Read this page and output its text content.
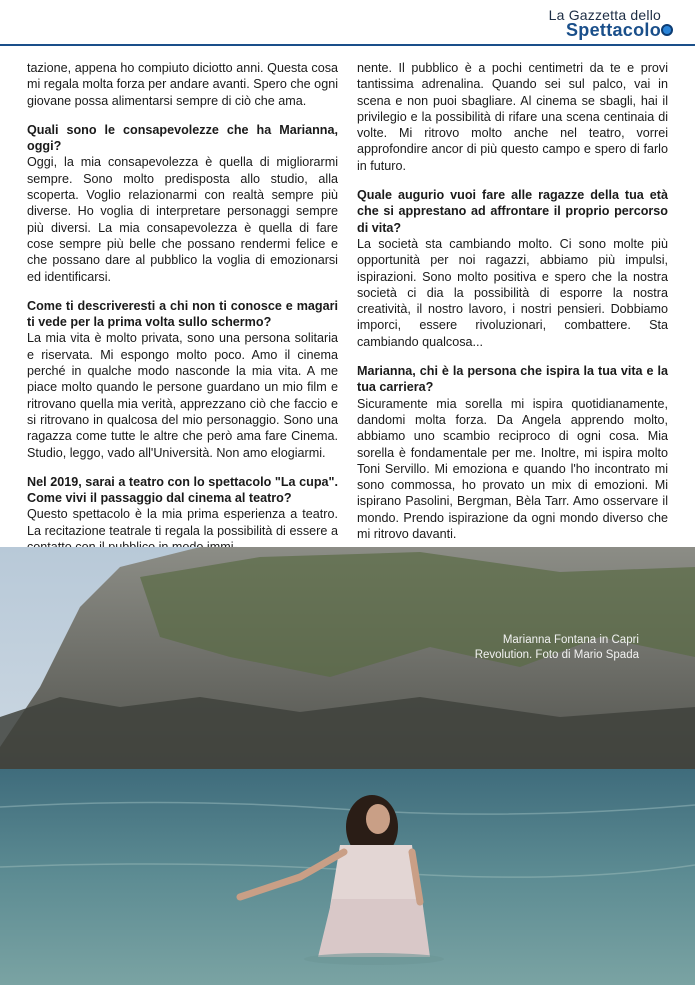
La Gazzetta dello
Spettacolo

tazione, appena ho compiuto diciotto anni. Questa cosa mi regala molta forza per andare avanti. Spero che ogni giovane possa alimentarsi sempre di ciò che ama.

Quali sono le consapevolezze che ha Marianna, oggi?

Oggi, la mia consapevolezza è quella di migliorarmi sempre. Sono molto predisposta allo studio, alla scoperta. Voglio relazionarmi con realtà sempre più diverse. Ho voglia di interpretare personaggi sempre più diversi. La mia consapevolezza è quella di fare cose sempre più belle che possano rendermi felice e che possano dare al pubblico la voglia di emozionarsi ed identificarsi.

Come ti descriveresti a chi non ti conosce e magari ti vede per la prima volta sullo schermo?

La mia vita è molto privata, sono una persona solitaria e riservata. Mi espongo molto poco. Amo il cinema perché in qualche modo nasconde la mia vita. A me piace molto quando le persone guardano un mio film e ritrovano quella mia verità, apprezzano ciò che faccio e si ritrovano in qualcosa del mio personaggio. Sono una ragazza come tutte le altre che però ama fare Cinema. Studio, leggo, vado all'Università. Non amo elogiarmi.

Nel 2019, sarai a teatro con lo spettacolo "La cupa". Come vivi il passaggio dal cinema al teatro?

Questo spettacolo è la mia prima esperienza a teatro. La recitazione teatrale ti regala la possibilità di essere a

nente. Il pubblico è a pochi centimetri da te e provi tantissima adrenalina. Quando sei sul palco, vai in scena e non puoi sbagliare. Al cinema se sbagli, hai il privilegio e la possibilità di rifare una scena centinaia di volte. Mi ritrovo molto anche nel teatro, vorrei approfondire ancor di più questo campo e spero di farlo in futuro.

Quale augurio vuoi fare alle ragazze della tua età che si apprestano ad affrontare il proprio percorso di vita?

La società sta cambiando molto. Ci sono molte più opportunità per noi ragazzi, abbiamo più impulsi, ispirazioni. Sono molto positiva e spero che la nostra società ci dia la possibilità di esporre la nostra creatività, il nostro lavoro, i nostri pensieri. Dobbiamo imporci, essere rivoluzionari, combattere. Sta cambiando qualcosa...

Marianna, chi è la persona che ispira la tua vita e la tua carriera?

Sicuramente mia sorella mi ispira quotidianamente, dandomi molta forza. Da Angela apprendo molto, abbiamo uno scambio reciproco di ogni cosa. Mia sorella è fondamentale per me. Inoltre, mi ispira molto Toni Servillo. Mi emoziona e quando l'ho incontrato mi sono commossa, ho provato un mix di emozioni. Mi ispirano Pasolini, Bergman, Bèla Tarr. Amo osservare il mondo. Prendo ispirazione da ogni mondo diverso che mi ritrovo davanti.

Marianna Fontana in Capri
Revolution. Foto di Mario Spada
